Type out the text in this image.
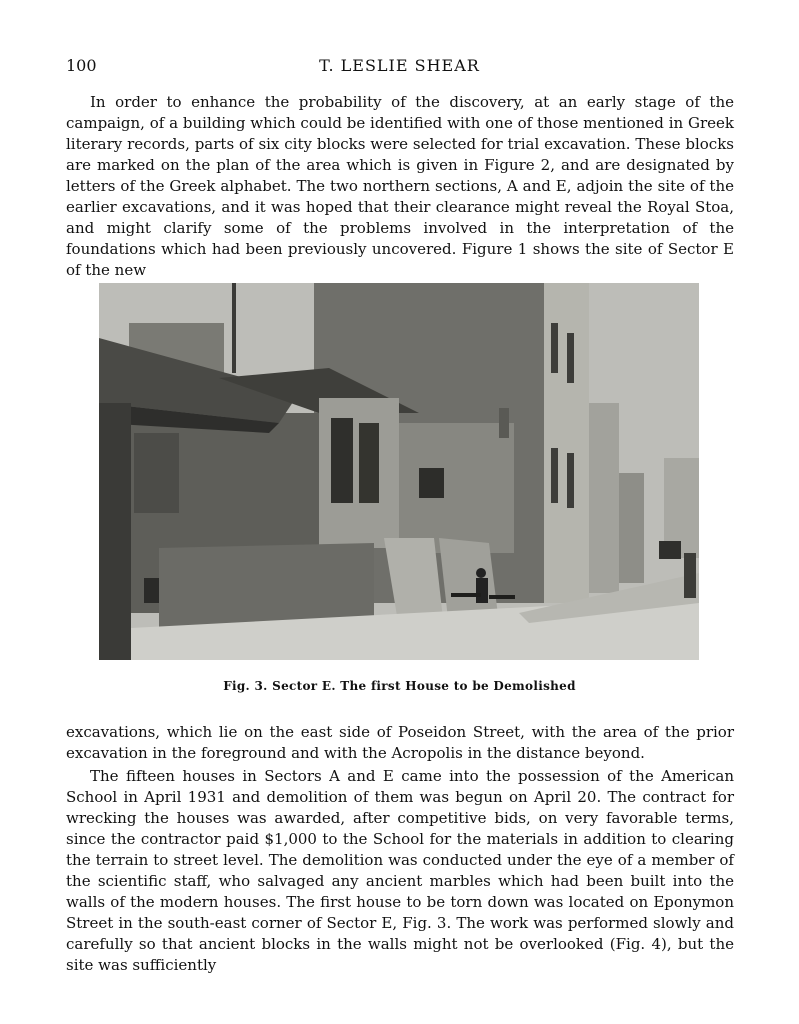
100	T. LESLIE SHEAR

In order to enhance the probability of the discovery, at an early stage of the campaign, of a building which could be identified with one of those mentioned in Greek literary records, parts of six city blocks were selected for trial excavation. These blocks are marked on the plan of the area which is given in Figure 2, and are designated by letters of the Greek alphabet. The two northern sections, A and E, adjoin the site of the earlier excavations, and it was hoped that their clearance might reveal the Royal Stoa, and might clarify some of the problems involved in the interpretation of the foundations which had been previously uncovered. Figure 1 shows the site of Sector E of the new

Fig. 3. Sector E. The first House to be Demolished

excavations, which lie on the east side of Poseidon Street, with the area of the prior excavation in the foreground and with the Acropolis in the distance beyond.

The fifteen houses in Sectors A and E came into the possession of the American School in April 1931 and demolition of them was begun on April 20. The contract for wrecking the houses was awarded, after competitive bids, on very favorable terms, since the contractor paid $1,000 to the School for the materials in addition to clearing the terrain to street level. The demolition was conducted under the eye of a member of the scientific staff, who salvaged any ancient marbles which had been built into the walls of the modern houses. The first house to be torn down was located on Eponymon Street in the south-east corner of Sector E, Fig. 3. The work was performed slowly and carefully so that ancient blocks in the walls might not be overlooked (Fig. 4), but the site was sufficiently
